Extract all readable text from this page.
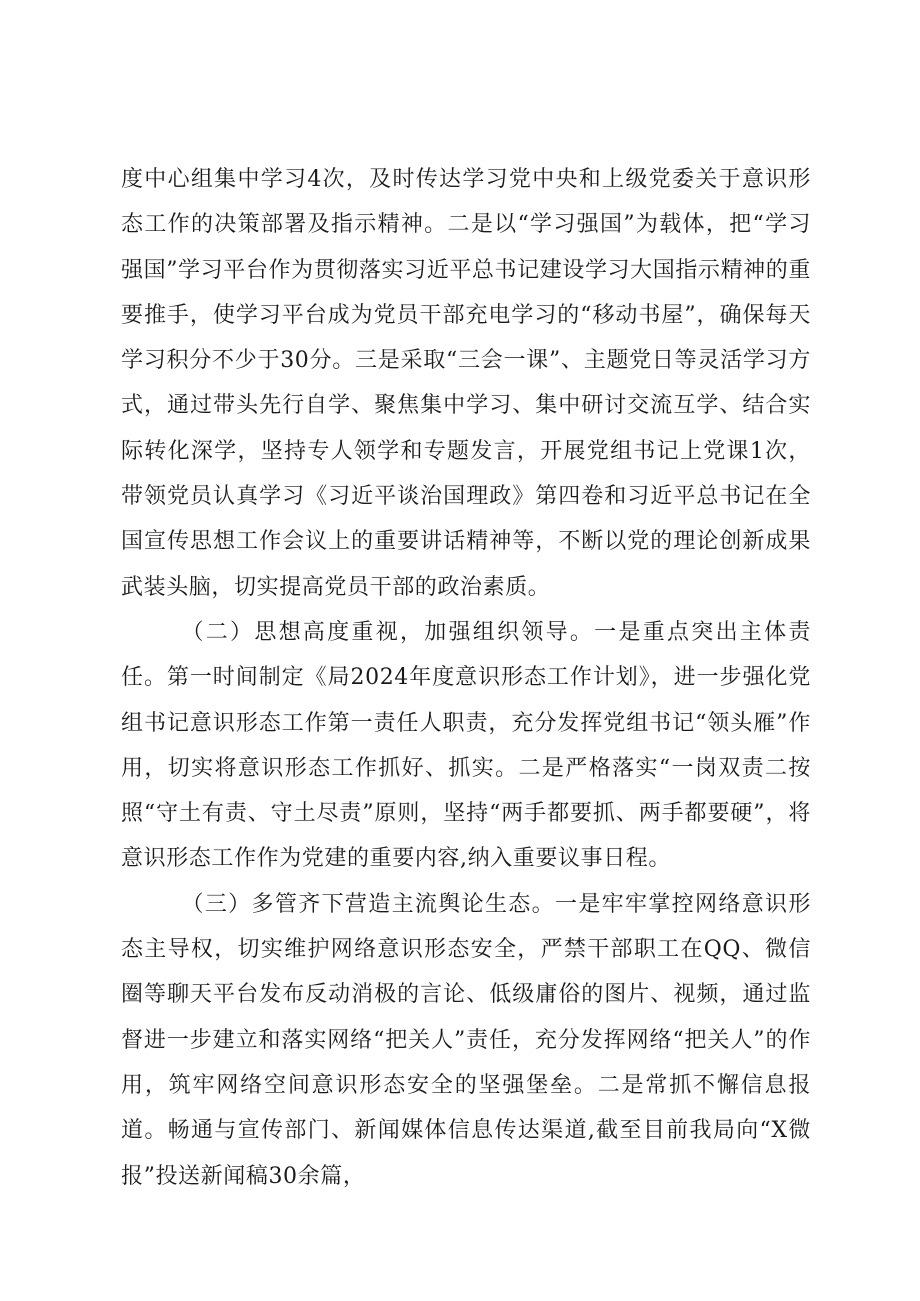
度中心组集中学习4次，及时传达学习党中央和上级党委关于意识形态工作的决策部署及指示精神。二是以“学习强国”为载体，把“学习强国”学习平台作为贯彻落实习近平总书记建设学习大国指示精神的重要推手，使学习平台成为党员干部充电学习的“移动书屋”，确保每天学习积分不少于30分。三是采取“三会一课”、主题党日等灵活学习方式，通过带头先行自学、聚焦集中学习、集中研讨交流互学、结合实际转化深学，坚持专人领学和专题发言，开展党组书记上党课1次，带领党员认真学习《习近平谈治国理政》第四卷和习近平总书记在全国宣传思想工作会议上的重要讲话精神等，不断以党的理论创新成果武装头脑，切实提高党员干部的政治素质。

（二）思想高度重视，加强组织领导。一是重点突出主体责任。第一时间制定《局2024年度意识形态工作计划》，进一步强化党组书记意识形态工作第一责任人职责，充分发挥党组书记“领头雁”作用，切实将意识形态工作抓好、抓实。二是严格落实“一岗双责二按照“守土有责、守土尽责”原则，坚持“两手都要抓、两手都要硬”，将意识形态工作作为党建的重要内容,纳入重要议事日程。

（三）多管齐下营造主流舆论生态。一是牢牢掌控网络意识形态主导权，切实维护网络意识形态安全，严禁干部职工在QQ、微信圈等聊天平台发布反动消极的言论、低级庸俗的图片、视频，通过监督进一步建立和落实网络“把关人”责任，充分发挥网络“把关人”的作用，筑牢网络空间意识形态安全的坚强堡垒。二是常抓不懈信息报道。畅通与宣传部门、新闻媒体信息传达渠道,截至目前我局向“X微报”投送新闻稿30余篇，
